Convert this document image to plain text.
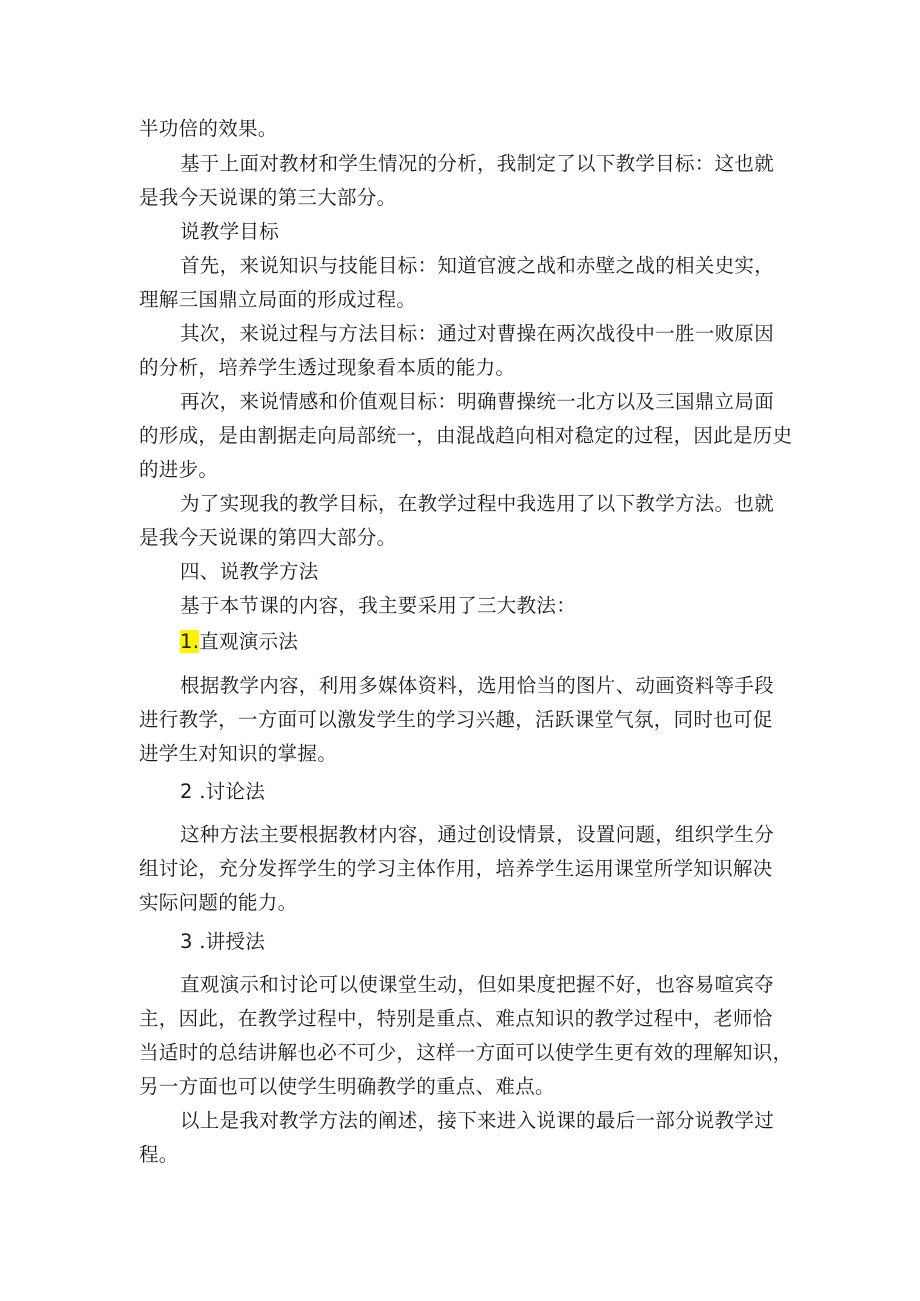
半功倍的效果。
基于上面对教材和学生情况的分析，我制定了以下教学目标：这也就
是我今天说课的第三大部分。
说教学目标
首先，来说知识与技能目标：知道官渡之战和赤壁之战的相关史实，
理解三国鼎立局面的形成过程。
其次，来说过程与方法目标：通过对曹操在两次战役中一胜一败原因
的分析，培养学生透过现象看本质的能力。
再次，来说情感和价值观目标：明确曹操统一北方以及三国鼎立局面
的形成，是由割据走向局部统一，由混战趋向相对稳定的过程，因此是历史
的进步。
为了实现我的教学目标，在教学过程中我选用了以下教学方法。也就
是我今天说课的第四大部分。
四、说教学方法
基于本节课的内容，我主要采用了三大教法：
1.直观演示法
根据教学内容，利用多媒体资料，选用恰当的图片、动画资料等手段
进行教学，一方面可以激发学生的学习兴趣，活跃课堂气氛，同时也可促
进学生对知识的掌握。
2 .讨论法
这种方法主要根据教材内容，通过创设情景，设置问题，组织学生分
组讨论，充分发挥学生的学习主体作用，培养学生运用课堂所学知识解决
实际问题的能力。
3 .讲授法
直观演示和讨论可以使课堂生动，但如果度把握不好，也容易喧宾夺
主，因此，在教学过程中，特别是重点、难点知识的教学过程中，老师恰
当适时的总结讲解也必不可少，这样一方面可以使学生更有效的理解知识，
另一方面也可以使学生明确教学的重点、难点。
以上是我对教学方法的阐述，接下来进入说课的最后一部分说教学过
程。
